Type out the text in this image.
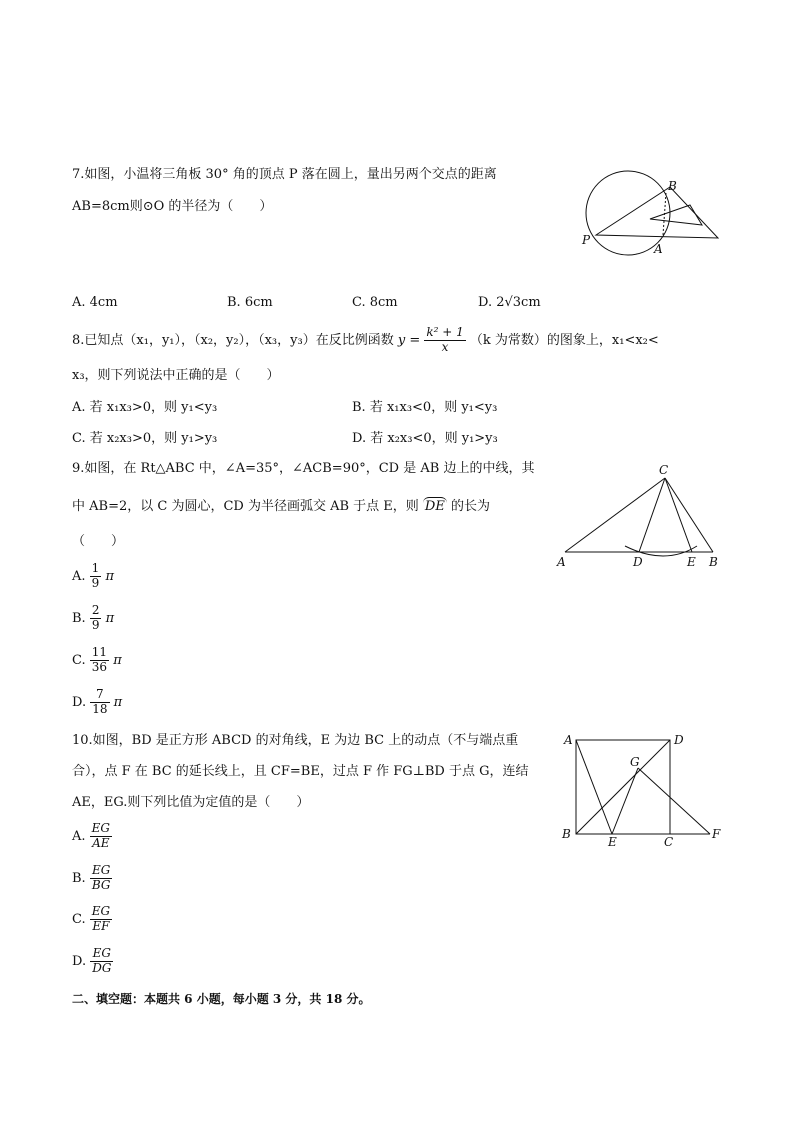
7.如图，小温将三角板 30° 角的顶点 P 落在圆上，量出另两个交点的距离
AB=8cm则⊙O 的半径为（　　）
B
P
A
A. 4cm	B. 6cm	C. 8cm	D. 2√3cm
8.已知点（x₁，y₁），（x₂，y₂），（x₃，y₃）在反比例函数 $y = \frac{\text{k² + 1}}{x} (k$ 为常数）的图象上，x₁<x₂<
x₃，则下列说法中正确的是（　　）
A. 若 x₁x₃>0，则 y₁<y₃	B. 若 x₁x₃<0，则 y₁<y₃
C. 若 x₂x₃>0，则 y₁>y₃	D. 若 x₂x₃<0，则 y₁>y₃
9.如图，在 Rt△ABC 中，∠A=35°，∠ACB=90°，CD 是 AB 边上的中线，其
中 AB=2，以 C 为圆心，CD 为半径画弧交 AB 于点 E，则 DE 的长为
（　　）
C
A	D	E B
A. $\frac{1}{9}$ π
B. $\frac{2}{9}$ π
C. $\frac{11}{36}$ π
D. $\frac{7}{18}$ π
10.如图，BD 是正方形 ABCD 的对角线，E 为边 BC 上的动点（不与端点重
合），点 F 在 BC 的延长线上，且 CF=BE，过点 F 作 FG⊥BD 于点 G，连结
AE，EG.则下列比值为定值的是（　　）
A	D
G
B
E	C
F
A. $\frac{EG}{AE}$
B. $\frac{EG}{BG}$
C. $\frac{EG}{EF}$
D. $\frac{EG}{DG}$
二、填空题：本题共 6 小题，每小题 3 分，共 18 分。
